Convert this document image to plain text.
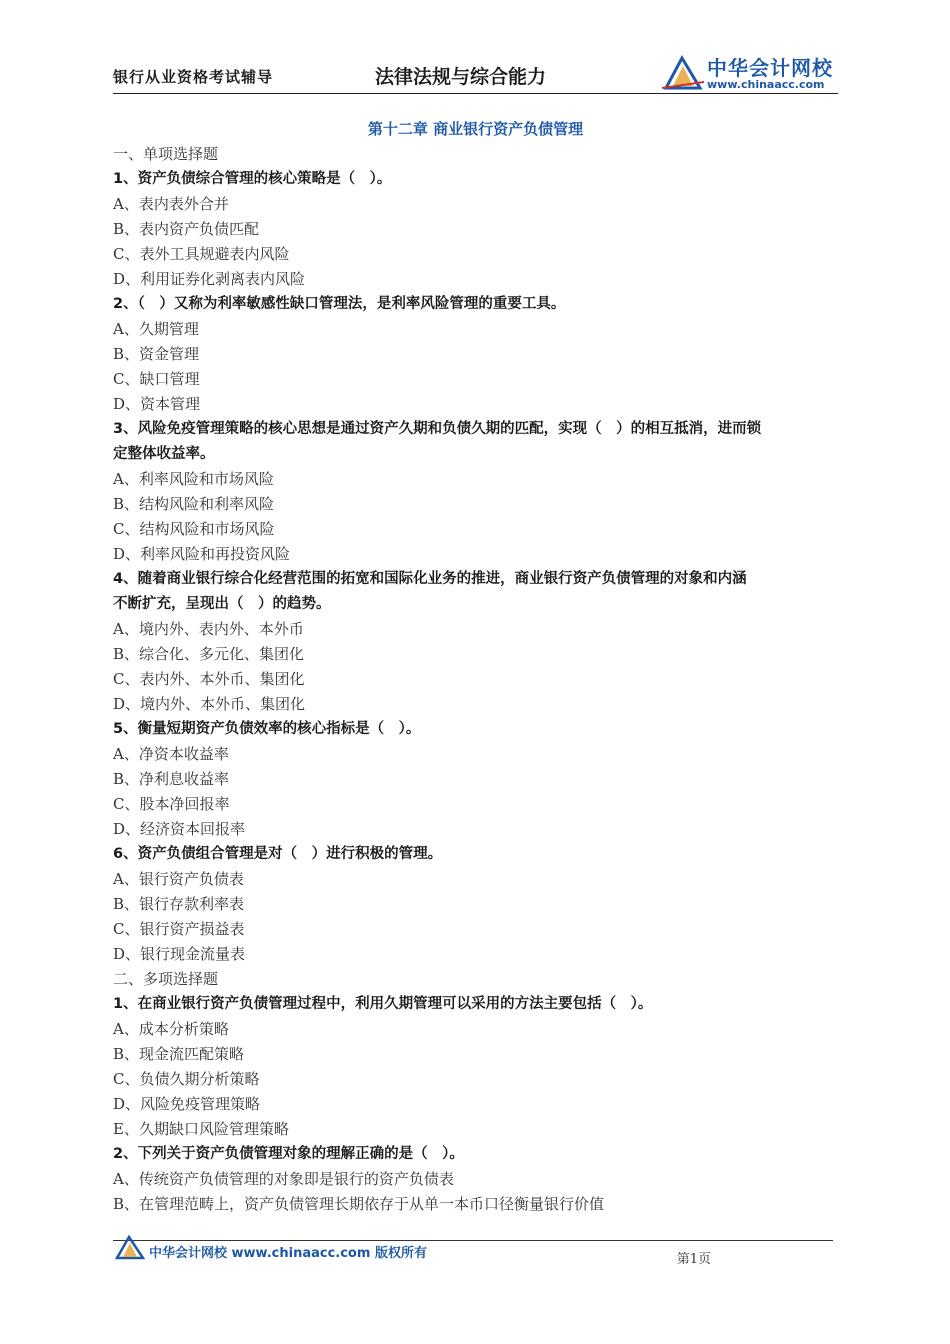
银行从业资格考试辅导	法律法规与综合能力	中华会计网校
www.chinaacc.com
第十二章 商业银行资产负债管理
一、单项选择题
1、资产负债综合管理的核心策略是（　）。
A、表内表外合并
B、表内资产负债匹配
C、表外工具规避表内风险
D、利用证券化剥离表内风险
2、（　）又称为利率敏感性缺口管理法，是利率风险管理的重要工具。
A、久期管理
B、资金管理
C、缺口管理
D、资本管理
3、风险免疫管理策略的核心思想是通过资产久期和负债久期的匹配，实现（　）的相互抵消，进而锁
定整体收益率。
A、利率风险和市场风险
B、结构风险和利率风险
C、结构风险和市场风险
D、利率风险和再投资风险
4、随着商业银行综合化经营范围的拓宽和国际化业务的推进，商业银行资产负债管理的对象和内涵
不断扩充，呈现出（　）的趋势。
A、境内外、表内外、本外币
B、综合化、多元化、集团化
C、表内外、本外币、集团化
D、境内外、本外币、集团化
5、衡量短期资产负债效率的核心指标是（　）。
A、净资本收益率
B、净利息收益率
C、股本净回报率
D、经济资本回报率
6、资产负债组合管理是对（　）进行积极的管理。
A、银行资产负债表
B、银行存款利率表
C、银行资产损益表
D、银行现金流量表
二、多项选择题
1、在商业银行资产负债管理过程中，利用久期管理可以采用的方法主要包括（　）。
A、成本分析策略
B、现金流匹配策略
C、负债久期分析策略
D、风险免疫管理策略
E、久期缺口风险管理策略
2、下列关于资产负债管理对象的理解正确的是（　）。
A、传统资产负债管理的对象即是银行的资产负债表
B、在管理范畴上，资产负债管理长期依存于从单一本币口径衡量银行价值
中华会计网校 www.chinaacc.com 版权所有	第1页
